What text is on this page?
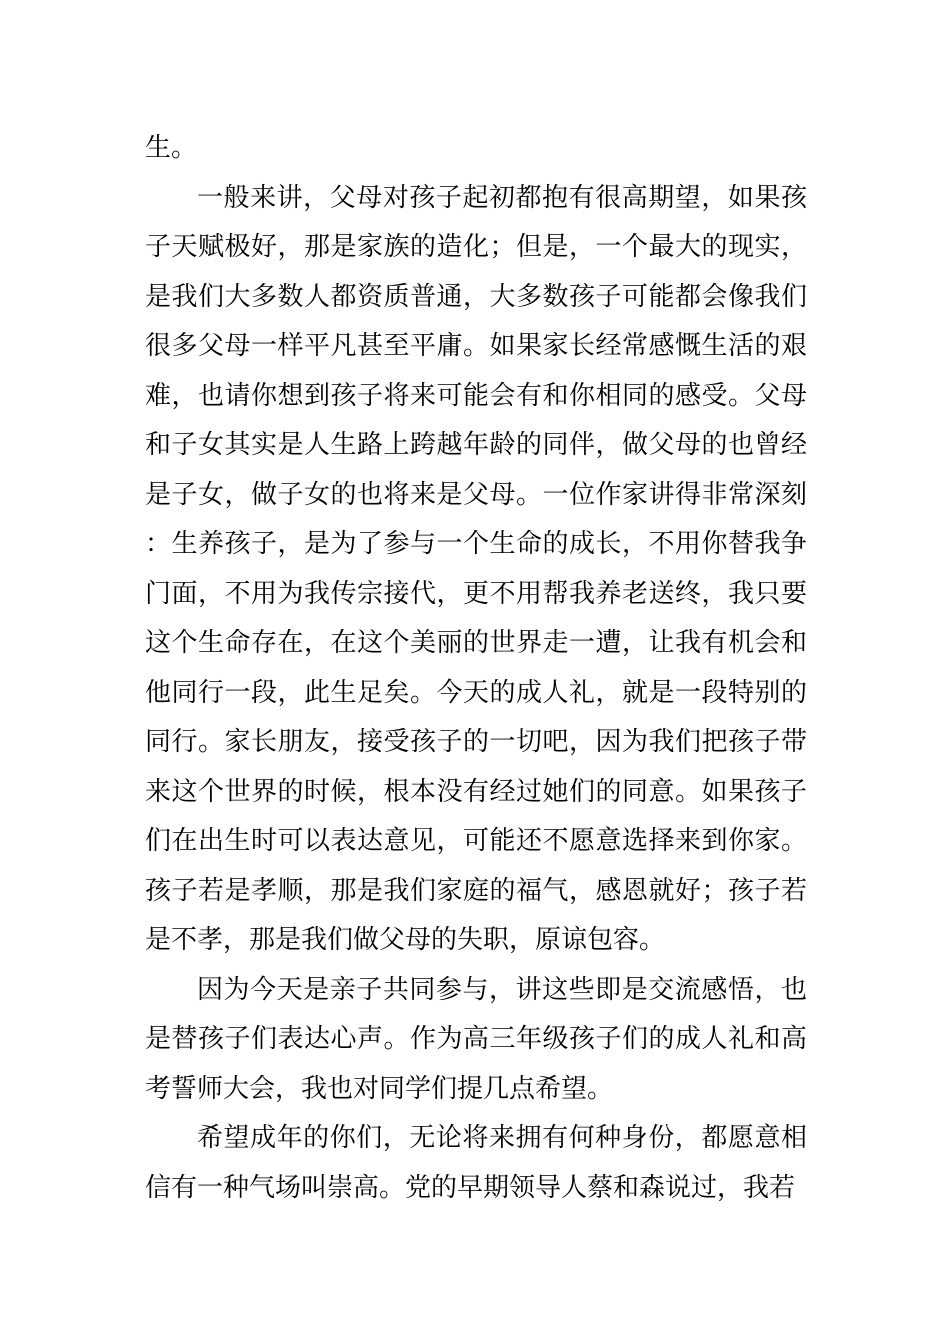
生。

一般来讲，父母对孩子起初都抱有很高期望，如果孩子天赋极好，那是家族的造化；但是，一个最大的现实，是我们大多数人都资质普通，大多数孩子可能都会像我们很多父母一样平凡甚至平庸。如果家长经常感慨生活的艰难，也请你想到孩子将来可能会有和你相同的感受。父母和子女其实是人生路上跨越年龄的同伴，做父母的也曾经是子女，做子女的也将来是父母。一位作家讲得非常深刻：生养孩子，是为了参与一个生命的成长，不用你替我争门面，不用为我传宗接代，更不用帮我养老送终，我只要这个生命存在，在这个美丽的世界走一遭，让我有机会和他同行一段，此生足矣。今天的成人礼，就是一段特别的同行。家长朋友，接受孩子的一切吧，因为我们把孩子带来这个世界的时候，根本没有经过她们的同意。如果孩子们在出生时可以表达意见，可能还不愿意选择来到你家。孩子若是孝顺，那是我们家庭的福气，感恩就好；孩子若是不孝，那是我们做父母的失职，原谅包容。

因为今天是亲子共同参与，讲这些即是交流感悟，也是替孩子们表达心声。作为高三年级孩子们的成人礼和高考誓师大会，我也对同学们提几点希望。

希望成年的你们，无论将来拥有何种身份，都愿意相信有一种气场叫崇高。党的早期领导人蔡和森说过，我若
